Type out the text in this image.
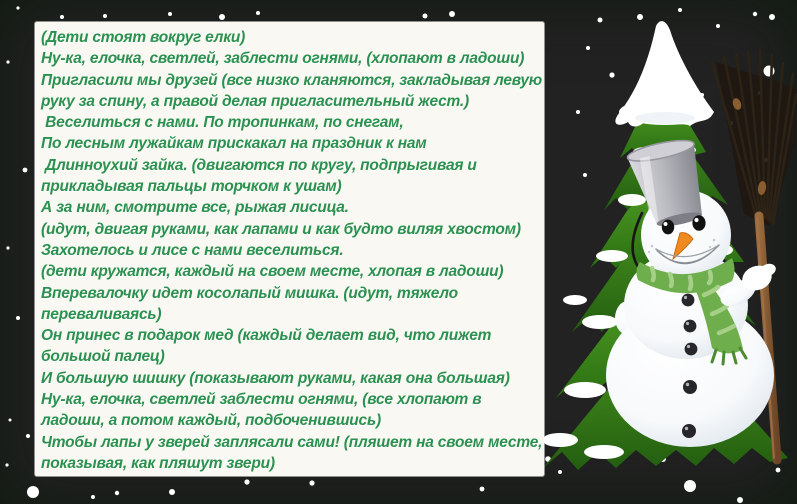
(Дети стоят вокруг елки)
Ну-ка, елочка, светлей, заблести огнями, (хлопают в ладоши)
Пригласили мы друзей (все низко кланяются, закладывая левую
руку за спину, а правой делая пригласительный жест.)
Веселиться с нами. По тропинкам, по снегам,
По лесным лужайкам прискакал на праздник к нам
Длинноухий зайка. (двигаются по кругу, подпрыгивая и
прикладывая пальцы торчком к ушам)
А за ним, смотрите все, рыжая лисица.
(идут, двигая руками, как лапами и как будто виляя хвостом)
Захотелось и лисе с нами веселиться.
(дети кружатся, каждый на своем месте, хлопая в ладоши)
Вперевалочку идет косолапый мишка. (идут, тяжело
переваливаясь)
Он принес в подарок мед (каждый делает вид, что лижет
большой палец)
И большую шишку (показывают руками, какая она большая)
Ну-ка, елочка, светлей заблести огнями, (все хлопают в
ладоши, а потом каждый, подбоченившись)
Чтобы лапы у зверей заплясали сами! (пляшет на своем месте,
показывая, как пляшут звери)
